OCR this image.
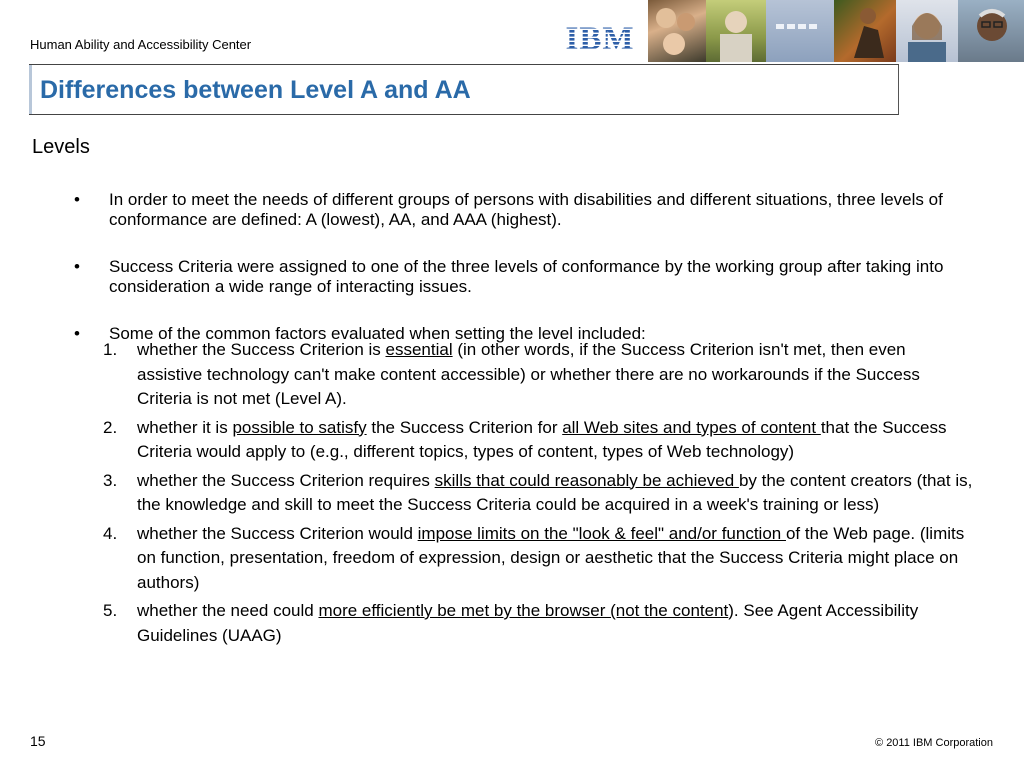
Human Ability and Accessibility Center	IBM
Differences between Level A and AA
Levels
• In order to meet the needs of different groups of persons with disabilities and different situations, three levels of conformance are defined: A (lowest), AA, and AAA (highest).
• Success Criteria were assigned to one of the three levels of conformance by the working group after taking into consideration a wide range of interacting issues.
• Some of the common factors evaluated when setting the level included:
1. whether the Success Criterion is essential (in other words, if the Success Criterion isn't met, then even assistive technology can't make content accessible) or whether there are no workarounds if the Success Criteria is not met (Level A).
2. whether it is possible to satisfy the Success Criterion for all Web sites and types of content that the Success Criteria would apply to (e.g., different topics, types of content, types of Web technology)
3. whether the Success Criterion requires skills that could reasonably be achieved by the content creators (that is, the knowledge and skill to meet the Success Criteria could be acquired in a week's training or less)
4. whether the Success Criterion would impose limits on the "look & feel" and/or function of the Web page. (limits on function, presentation, freedom of expression, design or aesthetic that the Success Criteria might place on authors)
5. whether the need could more efficiently be met by the browser (not the content). See Agent Accessibility Guidelines (UAAG)
15	© 2011 IBM Corporation
